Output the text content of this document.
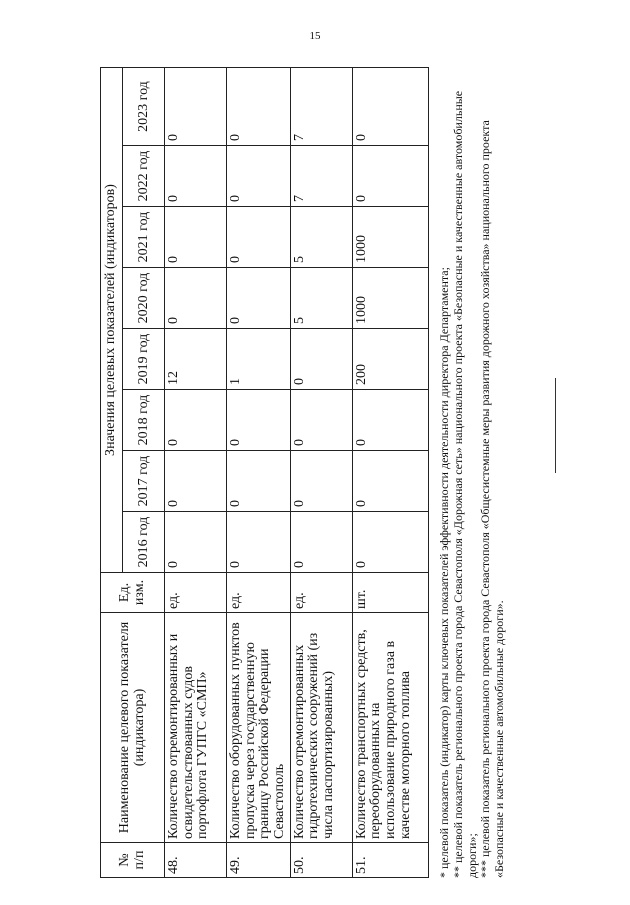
15
№ п/п	Наименование целевого показателя (индикатора)	Ед. изм.	Значения целевых показателей (индикаторов)							
			2016 год	2017 год	2018 год	2019 год	2020 год	2021 год	2022 год	2023 год
48.	Количество отремонтированных и освидетельствованных судов портофлота ГУПГС «СМП»	ед.	0	0	0	12	0	0	0	0
49.	Количество оборудованных пунктов пропуска через государственную границу Российской Федерации Севастополь	ед.	0	0	0	1	0	0	0	0
50.	Количество отремонтированных гидротехнических сооружений (из числа паспортизированных)	ед.	0	0	0	0	5	5	7	7
51.	Количество транспортных средств, переоборудованных на использование природного газа в качестве моторного топлива	шт.	0	0	0	200	1000	1000	0	0

* целевой показатель (индикатор) карты ключевых показателей эффективности деятельности директора Департамента; ** целевой показатель регионального проекта города Севастополя «Дорожная сеть» национального проекта «Безопасные и качественные автомобильные дороги»; *** целевой показатель регионального проекта города Севастополя «Общесистемные меры развития дорожного хозяйства» национального проекта «Безопасные и качественные автомобильные дороги».
